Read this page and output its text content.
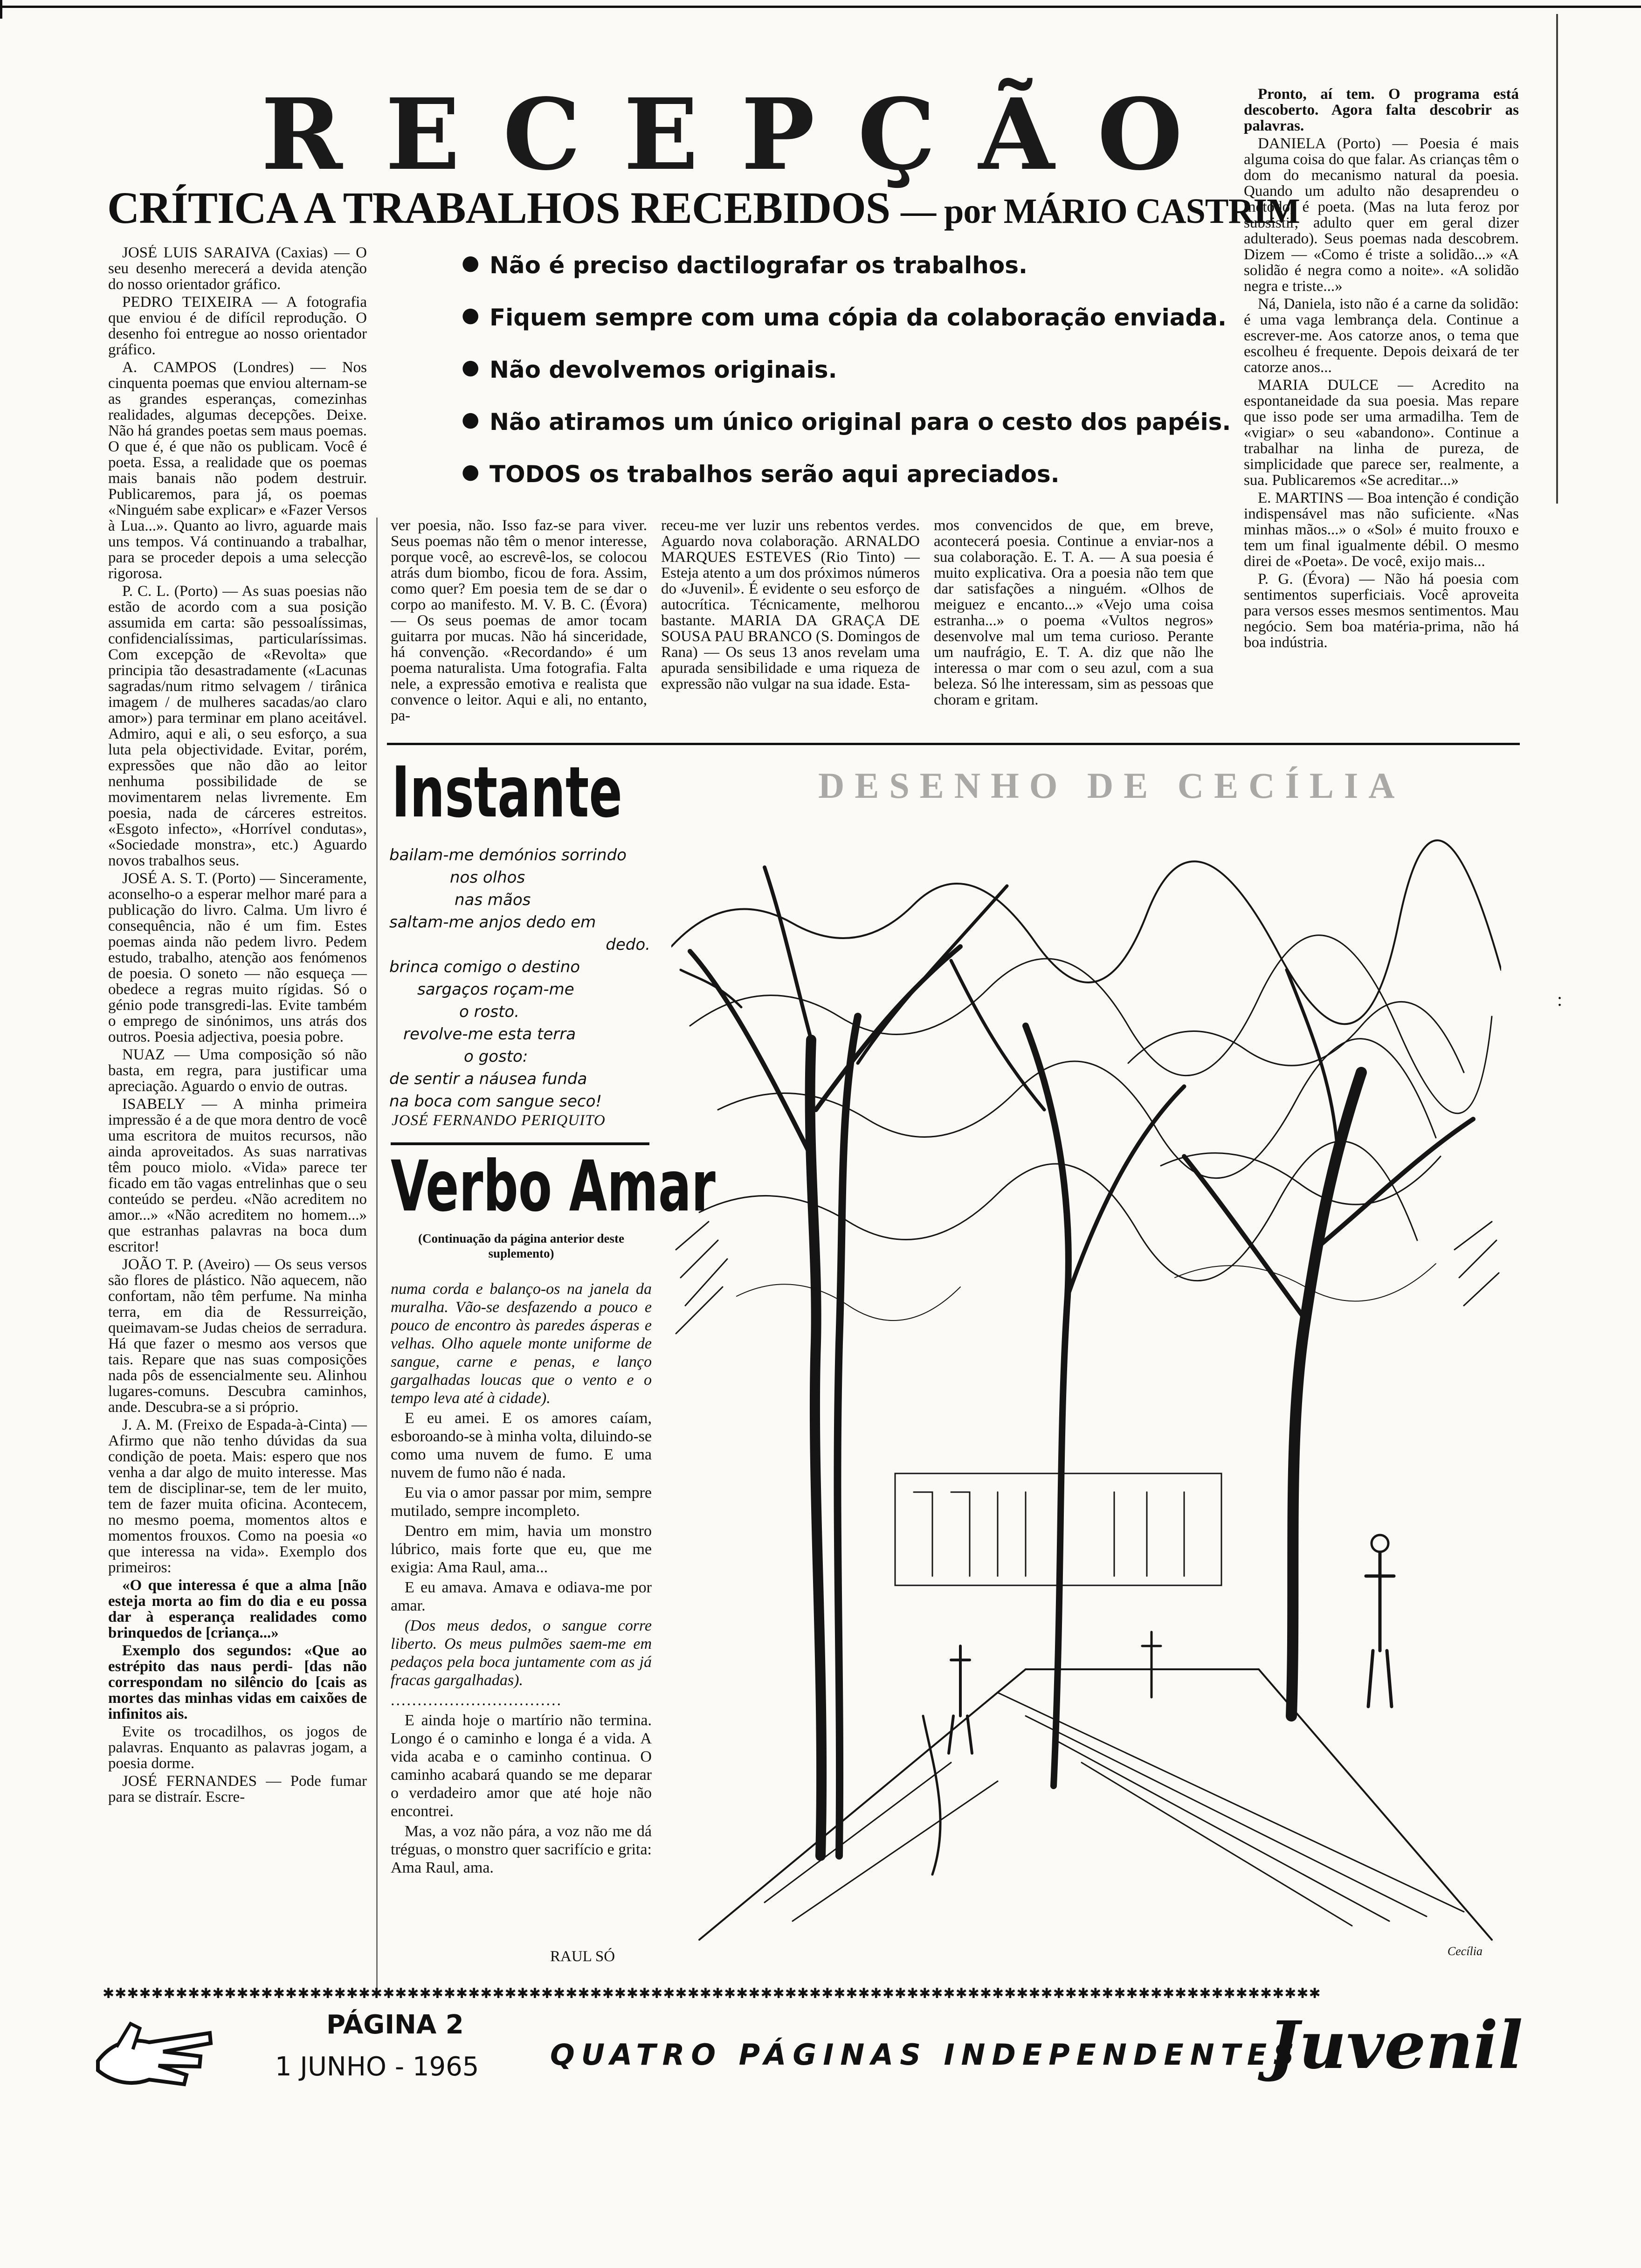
RECEPÇÃO
CRÍTICA A TRABALHOS RECEBIDOS — por MÁRIO CASTRIM
● Não é preciso dactilografar os trabalhos.
● Fiquem sempre com uma cópia da colaboração enviada.
● Não devolvemos originais.
● Não atiramos um único original para o cesto dos papéis.
● TODOS os trabalhos serão aqui apreciados.

JOSÉ LUIS SARAIVA (Caxias) — O seu desenho merecerá a devida atenção do nosso orientador gráfico.

PEDRO TEIXEIRA — A fotografia que enviou é de difícil reprodução. O desenho foi entregue ao nosso orientador gráfico.

A. CAMPOS (Londres) — Nos cinquenta poemas que enviou alternam-se as grandes esperanças, comezinhas realidades, algumas decepções. Deixe. Não há grandes poetas sem maus poemas. O que é, é que não os publicam. Você é poeta. Essa, a realidade que os poemas mais banais não podem destruir. Publicaremos, para já, os poemas «Ninguém sabe explicar» e «Fazer Versos à Lua...». Quanto ao livro, aguarde mais uns tempos. Vá continuando a trabalhar, para se proceder depois a uma selecção rigorosa.

P. C. L. (Porto) — As suas poesias não estão de acordo com a sua posição assumida em carta: são pessoalíssimas, confidencialíssimas, particularíssimas. Com excepção de «Revolta» que principia tão desastradamente («Lacunas sagradas/num ritmo selvagem / tirânica imagem / de mulheres sacadas/ao claro amor») para terminar em plano aceitável. Admiro, aqui e ali, o seu esforço, a sua luta pela objectividade. Evitar, porém, expressões que não dão ao leitor nenhuma possibilidade de se movimentarem nelas livremente. Em poesia, nada de cárceres estreitos. «Esgoto infecto», «Horrível condutas», «Sociedade monstra», etc.) Aguardo novos trabalhos seus.

JOSÉ A. S. T. (Porto) — Sinceramente, aconselho-o a esperar melhor maré para a publicação do livro. Calma. Um livro é consequência, não é um fim. Estes poemas ainda não pedem livro. Pedem estudo, trabalho, atenção aos fenómenos de poesia. O soneto — não esqueça — obedece a regras muito rígidas. Só o génio pode transgredi-las. Evite também o emprego de sinónimos, uns atrás dos outros. Poesia adjectiva, poesia pobre.

NUAZ — Uma composição só não basta, em regra, para justificar uma apreciação. Aguardo o envio de outras.

ISABELY — A minha primeira impressão é a de que mora dentro de você uma escritora de muitos recursos, não ainda aproveitados. As suas narrativas têm pouco miolo. «Vida» parece ter ficado em tão vagas entrelinhas que o seu conteúdo se perdeu. «Não acreditem no amor...» «Não acreditem no homem...» que estranhas palavras na boca dum escritor!

JOÃO T. P. (Aveiro) — Os seus versos são flores de plástico. Não aquecem, não confortam, não têm perfume. Na minha terra, em dia de Ressurreição, queimavam-se Judas cheios de serradura. Há que fazer o mesmo aos versos que tais. Repare que nas suas composições nada pôs de essencialmente seu. Alinhou lugares-comuns. Descubra caminhos, ande. Descubra-se a si próprio.

J. A. M. (Freixo de Espada-à-Cinta) — Afirmo que não tenho dúvidas da sua condição de poeta. Mais: espero que nos venha a dar algo de muito interesse. Mas tem de disciplinar-se, tem de ler muito, tem de fazer muita oficina. Acontecem, no mesmo poema, momentos altos e momentos frouxos. Como na poesia «o que interessa na vida». Exemplo dos primeiros:

«O que interessa é que a alma [não esteja morta ao fim do dia e eu possa dar à esperança realidades como brinquedos de [criança...»

Exemplo dos segundos: «Que ao estrépito das naus perdi- [das não correspondam no silêncio do [cais as mortes das minhas vidas em caixões de infinitos ais.

Evite os trocadilhos, os jogos de palavras. Enquanto as palavras jogam, a poesia dorme.

JOSÉ FERNANDES — Pode fumar para se distraír. Escre-

ver poesia, não. Isso faz-se para viver. Seus poemas não têm o menor interesse, porque você, ao escrevê-los, se colocou atrás dum biombo, ficou de fora. Assim, como quer? Em poesia tem de se dar o corpo ao manifesto. M. V. B. C. (Évora) — Os seus poemas de amor tocam guitarra por mucas. Não há sinceridade, há convenção. «Recordando» é um poema naturalista. Uma fotografia. Falta nele, a expressão emotiva e realista que convence o leitor. Aqui e ali, no entanto, pa-

receu-me ver luzir uns rebentos verdes. Aguardo nova colaboração. ARNALDO MARQUES ESTEVES (Rio Tinto) — Esteja atento a um dos próximos números do «Juvenil». É evidente o seu esforço de autocrítica. Técnicamente, melhorou bastante. MARIA DA GRAÇA DE SOUSA PAU BRANCO (S. Domingos de Rana) — Os seus 13 anos revelam uma apurada sensibilidade e uma riqueza de expressão não vulgar na sua idade. Esta-

mos convencidos de que, em breve, acontecerá poesia. Continue a enviar-nos a sua colaboração. E. T. A. — A sua poesia é muito explicativa. Ora a poesia não tem que dar satisfações a ninguém. «Olhos de meiguez e encanto...» «Vejo uma coisa estranha...» o poema «Vultos negros» desenvolve mal um tema curioso. Perante um naufrágio, E. T. A. diz que não lhe interessa o mar com o seu azul, com a sua beleza. Só lhe interessam, sim as pessoas que choram e gritam.

Pronto, aí tem. O programa está descoberto. Agora falta descobrir as palavras.

DANIELA (Porto) — Poesia é mais alguma coisa do que falar. As crianças têm o dom do mecanismo natural da poesia. Quando um adulto não desaprendeu o método, é poeta. (Mas na luta feroz por subsistir, adulto quer em geral dizer adulterado). Seus poemas nada descobrem. Dizem — «Como é triste a solidão...» «A solidão é negra como a noite». «A solidão negra e triste...»

Ná, Daniela, isto não é a carne da solidão: é uma vaga lembrança dela. Continue a escrever-me. Aos catorze anos, o tema que escolheu é frequente. Depois deixará de ter catorze anos...

MARIA DULCE — Acredito na espontaneidade da sua poesia. Mas repare que isso pode ser uma armadilha. Tem de «vigiar» o seu «abandono». Continue a trabalhar na linha de pureza, de simplicidade que parece ser, realmente, a sua. Publicaremos «Se acreditar...»

E. MARTINS — Boa intenção é condição indispensável mas não suficiente. «Nas minhas mãos...» o «Sol» é muito frouxo e tem um final igualmente débil. O mesmo direi de «Poeta». De você, exijo mais...

P. G. (Évora) — Não há poesia com sentimentos superficiais. Você aproveita para versos esses mesmos sentimentos. Mau negócio. Sem boa matéria-prima, não há boa indústria.

Instante
bailam-me demónios sorrindo
nos olhos
nas mãos
saltam-me anjos dedo em
dedo.
brinca comigo o destino
sargaços roçam-me
o rosto.
revolve-me esta terra
o gosto:
de sentir a náusea funda
na boca com sangue seco!
JOSÉ FERNANDO PERIQUITO
Verbo Amar
(Continuação da página anterior deste suplemento)

numa corda e balanço-os na janela da muralha. Vão-se desfazendo a pouco e pouco de encontro às paredes ásperas e velhas. Olho aquele monte uniforme de sangue, carne e penas, e lanço gargalhadas loucas que o vento e o tempo leva até à cidade).

E eu amei. E os amores caíam, esboroando-se à minha volta, diluindo-se como uma nuvem de fumo. E uma nuvem de fumo não é nada.

Eu via o amor passar por mim, sempre mutilado, sempre incompleto.

Dentro em mim, havia um monstro lúbrico, mais forte que eu, que me exigia: Ama Raul, ama...

E eu amava. Amava e odiava-me por amar.

(Dos meus dedos, o sangue corre liberto. Os meus pulmões saem-me em pedaços pela boca juntamente com as já fracas gargalhadas).

................................

E ainda hoje o martírio não termina. Longo é o caminho e longa é a vida. A vida acaba e o caminho continua. O caminho acabará quando se me deparar o verdadeiro amor que até hoje não encontrei.

Mas, a voz não pára, a voz não me dá tréguas, o monstro quer sacrifício e grita: Ama Raul, ama.

RAUL SÓ
DESENHO DE CECÍLIA
Cecília
:
✱✱✱✱✱✱✱✱✱✱✱✱✱✱✱✱✱✱✱✱✱✱✱✱✱✱✱✱✱✱✱✱✱✱✱✱✱✱✱✱✱✱✱✱✱✱✱✱✱✱✱✱✱✱✱✱✱✱✱✱✱✱✱✱✱✱✱✱✱✱✱✱✱✱✱✱✱✱✱✱✱✱✱✱✱✱✱✱✱✱✱✱✱✱✱✱✱✱✱✱
PÁGINA 2
1 JUNHO - 1965 QUATRO PÁGINAS INDEPENDENTES
Juvenil
